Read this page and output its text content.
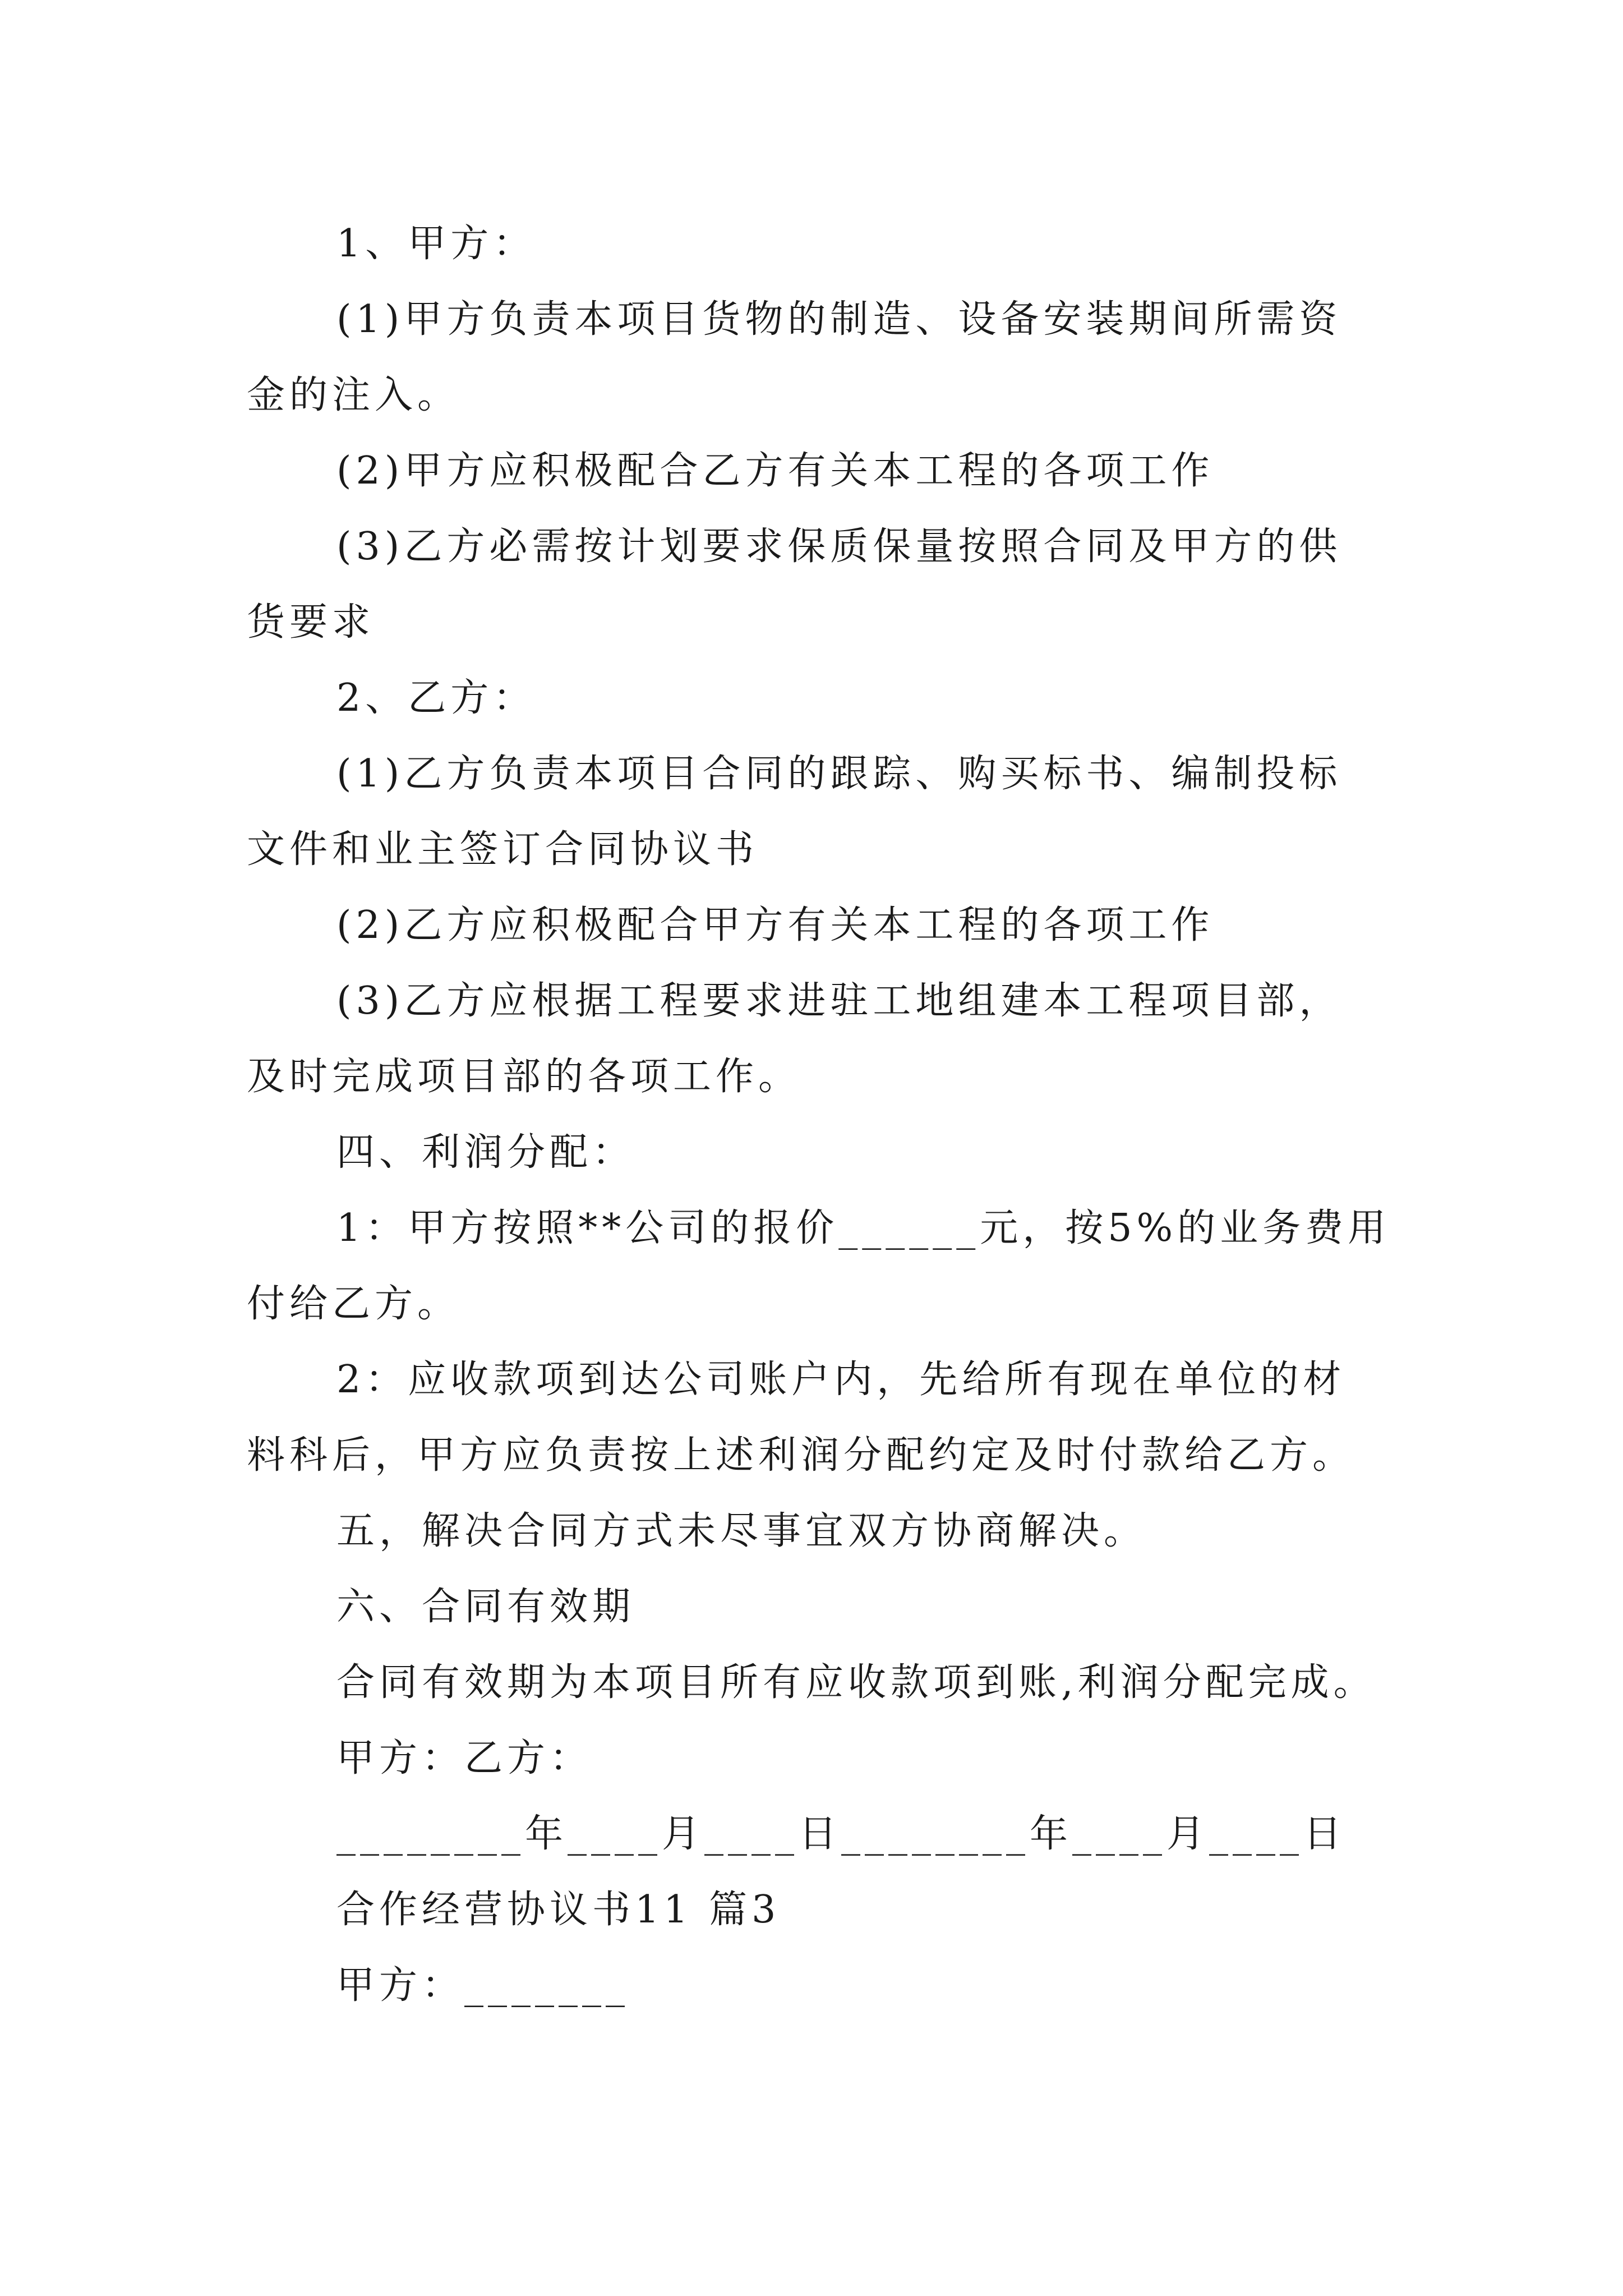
1、甲方：
(1)甲方负责本项目货物的制造、设备安装期间所需资
金的注入。
(2)甲方应积极配合乙方有关本工程的各项工作
(3)乙方必需按计划要求保质保量按照合同及甲方的供
货要求
2、乙方：
(1)乙方负责本项目合同的跟踪、购买标书、编制投标
文件和业主签订合同协议书
(2)乙方应积极配合甲方有关本工程的各项工作
(3)乙方应根据工程要求进驻工地组建本工程项目部，
及时完成项目部的各项工作。
四、利润分配：
1：甲方按照**公司的报价______元，按5%的业务费用
付给乙方。
2：应收款项到达公司账户内，先给所有现在单位的材
料科后，甲方应负责按上述利润分配约定及时付款给乙方。
五，解决合同方式未尽事宜双方协商解决。
六、合同有效期
合同有效期为本项目所有应收款项到账,利润分配完成。
甲方：乙方：
________年____月____日________年____月____日
合作经营协议书11 篇3
甲方：_______
